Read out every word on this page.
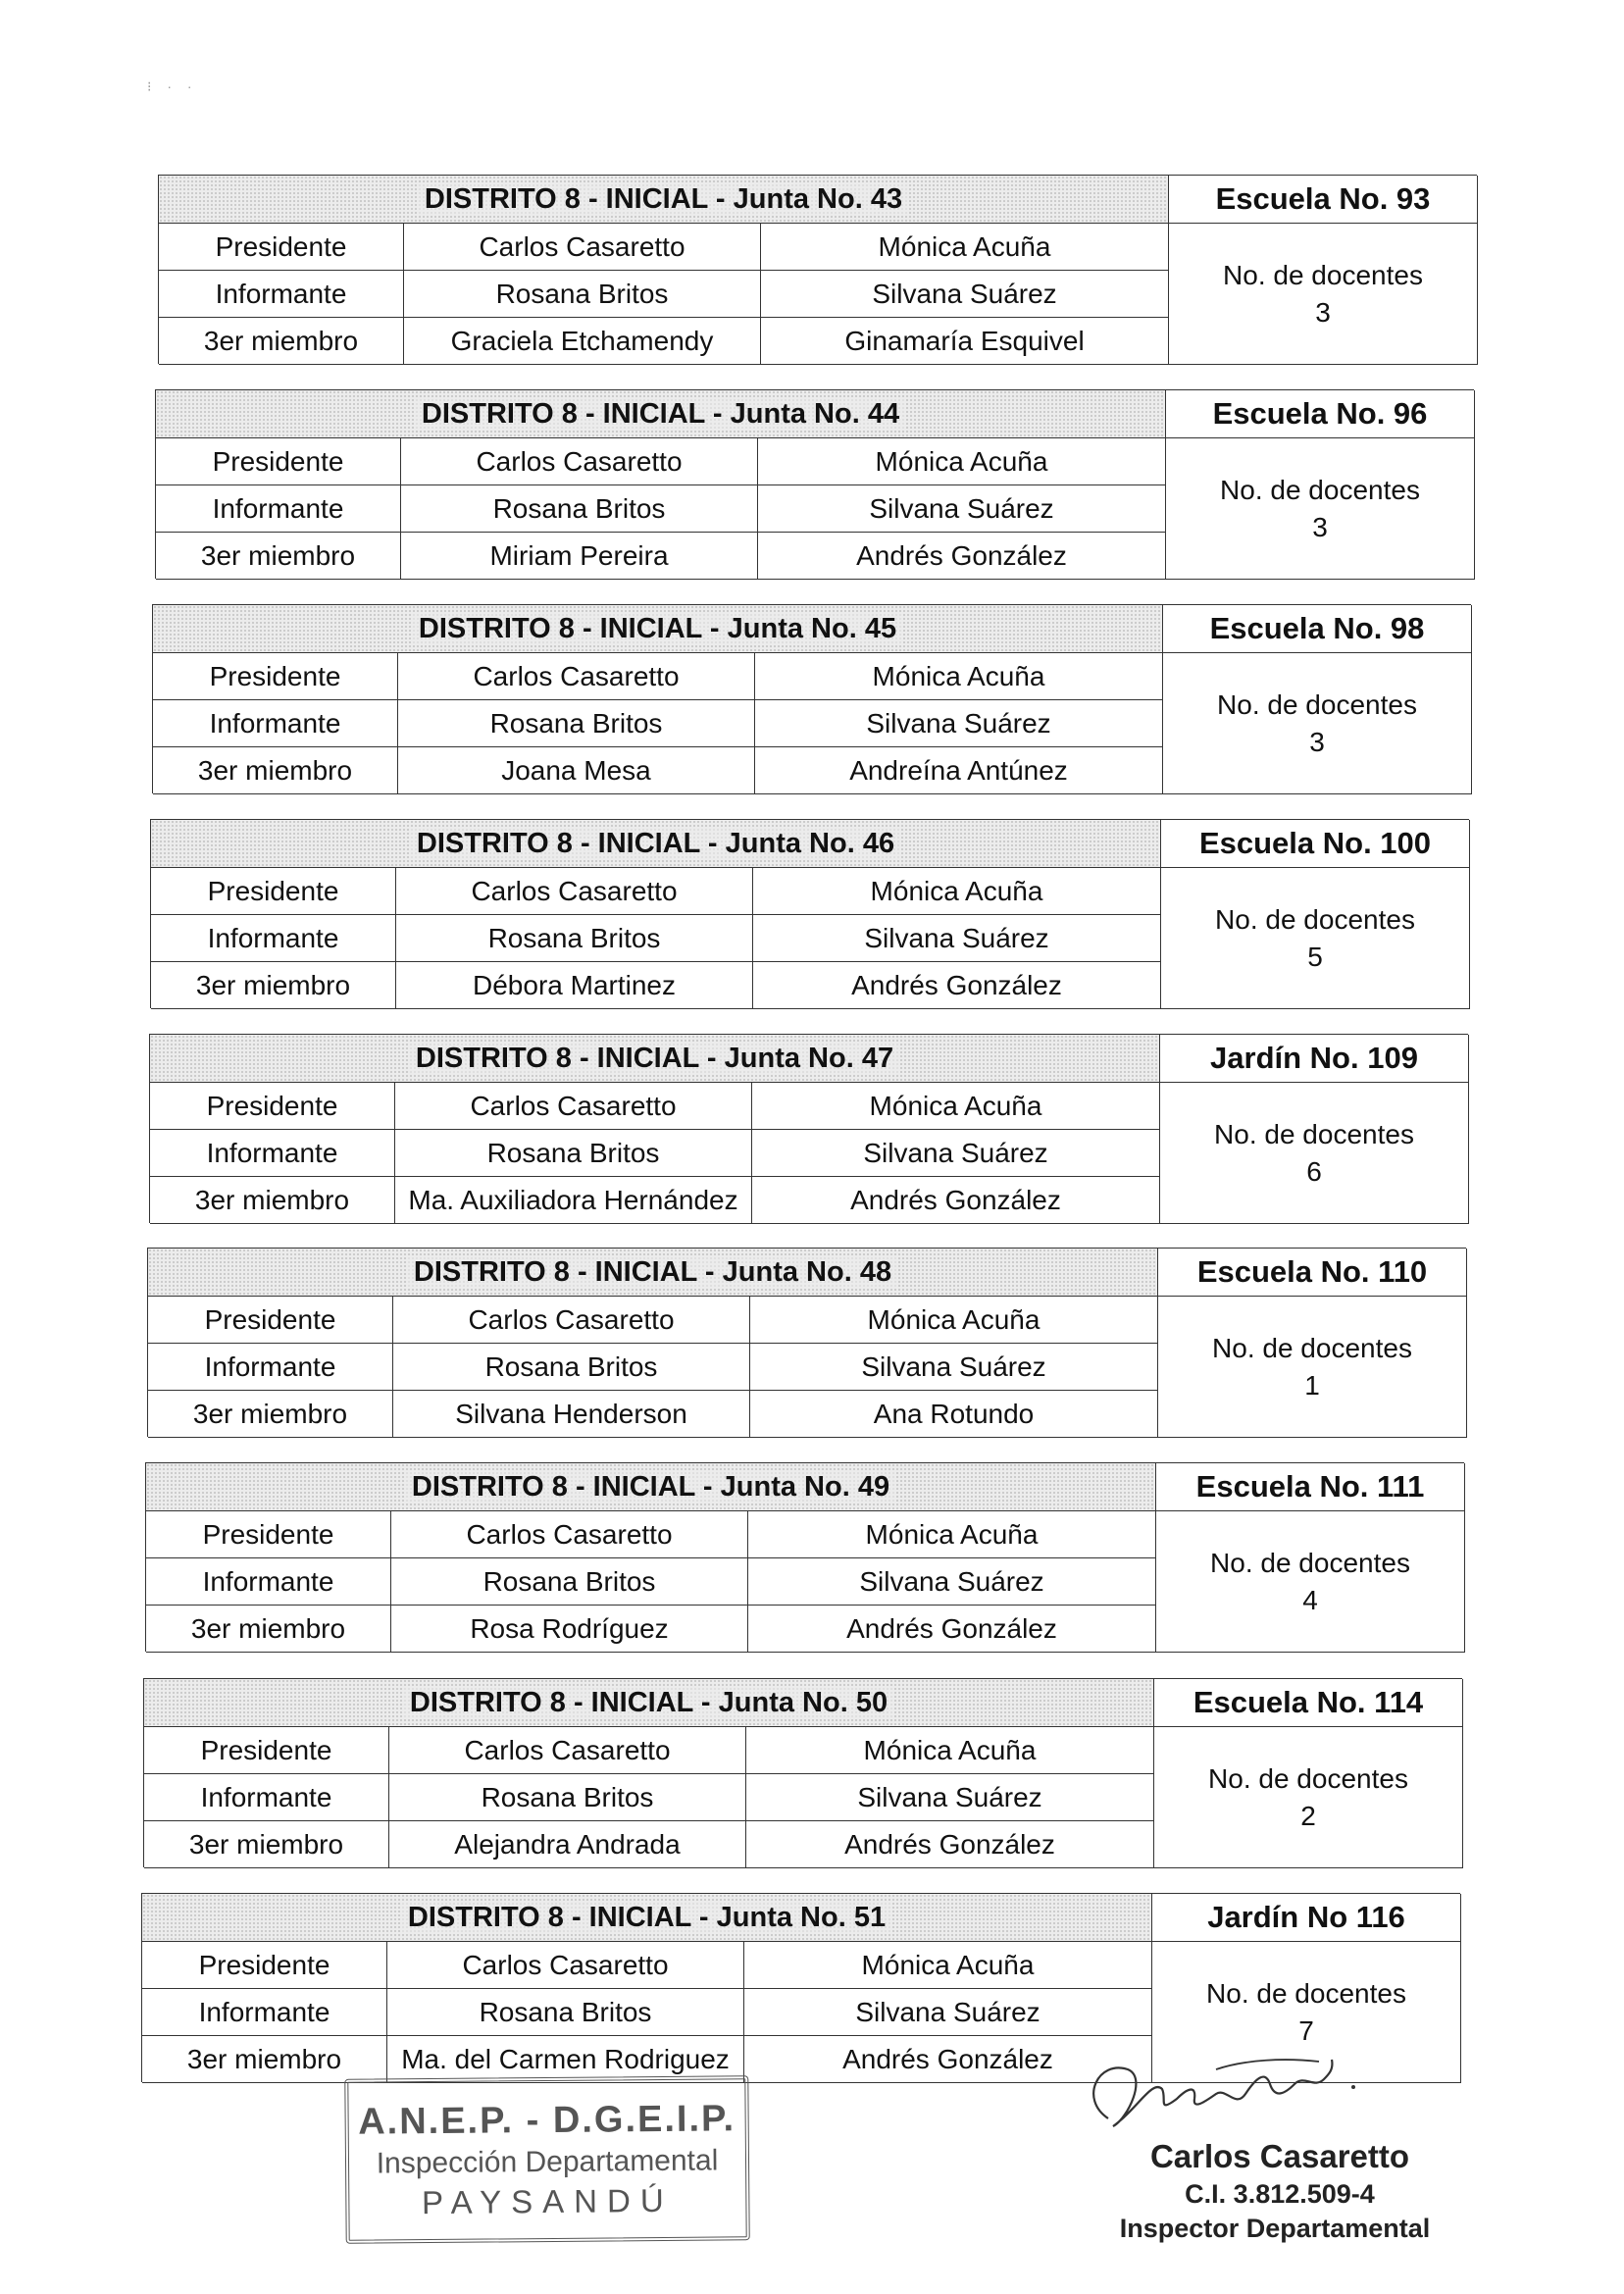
⁝ · ·
DISTRITO 8 - INICIAL - Junta No. 43	Escuela No. 93
Presidente	Carlos Casaretto	Mónica Acuña
No. de docentes
3
Informante	Rosana Britos	Silvana Suárez
3er miembro	Graciela Etchamendy	Ginamaría Esquivel
DISTRITO 8 - INICIAL - Junta No. 44	Escuela No. 96
Presidente	Carlos Casaretto	Mónica Acuña
No. de docentes
3
Informante	Rosana Britos	Silvana Suárez
3er miembro	Miriam Pereira	Andrés González
DISTRITO 8 - INICIAL - Junta No. 45	Escuela No. 98
Presidente	Carlos Casaretto	Mónica Acuña
No. de docentes
3
Informante	Rosana Britos	Silvana Suárez
3er miembro	Joana Mesa	Andreína Antúnez
DISTRITO 8 - INICIAL - Junta No. 46	Escuela No. 100
Presidente	Carlos Casaretto	Mónica Acuña
No. de docentes
5
Informante	Rosana Britos	Silvana Suárez
3er miembro	Débora Martinez	Andrés González
DISTRITO 8 - INICIAL - Junta No. 47	Jardín No. 109
Presidente	Carlos Casaretto	Mónica Acuña
No. de docentes
6
Informante	Rosana Britos	Silvana Suárez
3er miembro	Ma. Auxiliadora Hernández	Andrés González
DISTRITO 8 - INICIAL - Junta No. 48	Escuela No. 110
Presidente	Carlos Casaretto	Mónica Acuña
No. de docentes
1
Informante	Rosana Britos	Silvana Suárez
3er miembro	Silvana Henderson	Ana Rotundo
DISTRITO 8 - INICIAL - Junta No. 49	Escuela No. 111
Presidente	Carlos Casaretto	Mónica Acuña
No. de docentes
4
Informante	Rosana Britos	Silvana Suárez
3er miembro	Rosa Rodríguez	Andrés González
DISTRITO 8 - INICIAL - Junta No. 50	Escuela No. 114
Presidente	Carlos Casaretto	Mónica Acuña
No. de docentes
2
Informante	Rosana Britos	Silvana Suárez
3er miembro	Alejandra Andrada	Andrés González
DISTRITO 8 - INICIAL - Junta No. 51	Jardín No 116
Presidente	Carlos Casaretto	Mónica Acuña
No. de docentes
7
Informante	Rosana Britos	Silvana Suárez
3er miembro	Ma. del Carmen Rodriguez	Andrés González
A.N.E.P. - D.G.E.I.P.
Inspección Departamental
PAYSANDÚ
Carlos Casaretto
C.I. 3.812.509-4
Inspector Departamental
